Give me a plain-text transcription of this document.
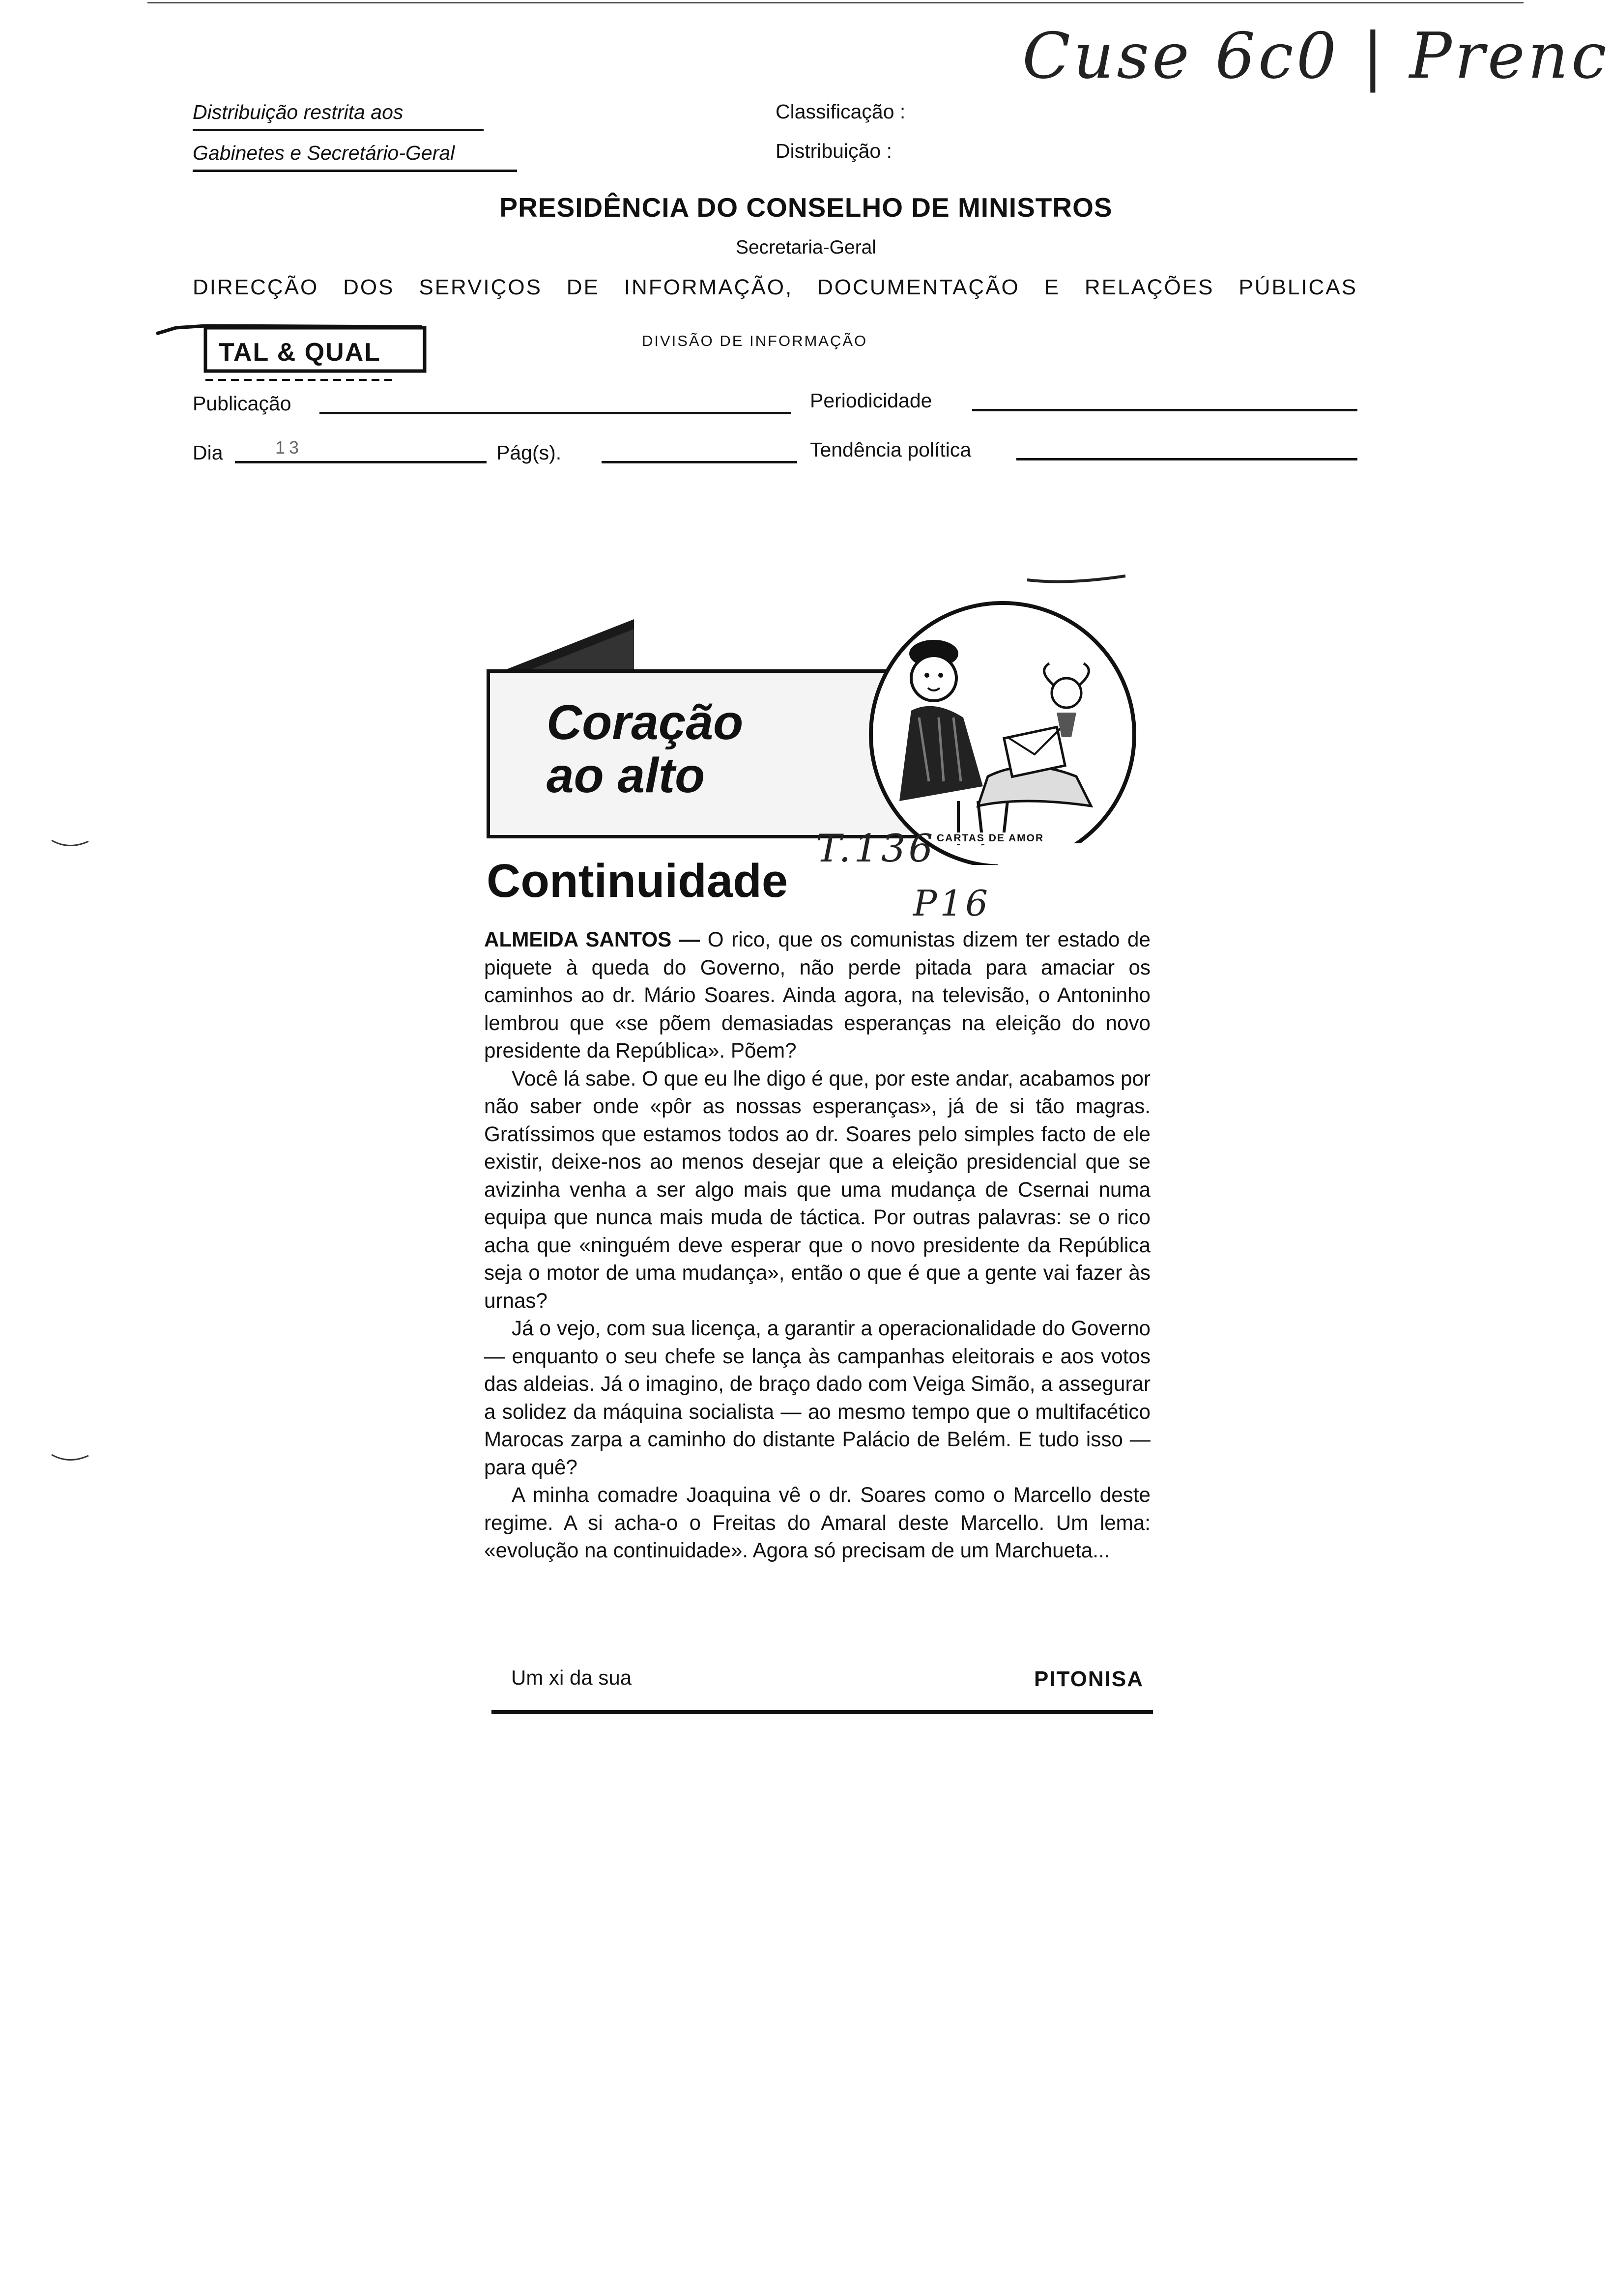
Cuse 6c0 | Prenc
Distribuição restrita aos
Gabinetes e Secretário-Geral
Classificação :
Distribuição :
PRESIDÊNCIA DO CONSELHO DE MINISTROS
Secretaria-Geral
DIRECÇÃO DOS SERVIÇOS DE INFORMAÇÃO, DOCUMENTAÇÃO E RELAÇÕES PÚBLICAS
DIVISÃO DE INFORMAÇÃO
TAL & QUAL
Publicação	Periodicidade
Dia	13	Pág(s).	Tendência política
Coração
ao alto
CARTAS DE AMOR
Continuidade
T.136
P16

ALMEIDA SANTOS — O rico, que os comunistas dizem ter estado de piquete à queda do Governo, não perde pitada para amaciar os caminhos ao dr. Mário Soares. Ainda agora, na televisão, o Antoninho lembrou que «se põem demasiadas esperanças na eleição do novo presidente da República». Põem?

Você lá sabe. O que eu lhe digo é que, por este andar, acabamos por não saber onde «pôr as nossas esperanças», já de si tão magras. Gratíssimos que estamos todos ao dr. Soares pelo simples facto de ele existir, deixe-nos ao menos desejar que a eleição presidencial que se avizinha venha a ser algo mais que uma mudança de Csernai numa equipa que nunca mais muda de táctica. Por outras palavras: se o rico acha que «ninguém deve esperar que o novo presidente da República seja o motor de uma mudança», então o que é que a gente vai fazer às urnas?

Já o vejo, com sua licença, a garantir a operacionalidade do Governo — enquanto o seu chefe se lança às campanhas eleitorais e aos votos das aldeias. Já o imagino, de braço dado com Veiga Simão, a assegurar a solidez da máquina socialista — ao mesmo tempo que o multifacético Marocas zarpa a caminho do distante Palácio de Belém. E tudo isso — para quê?

A minha comadre Joaquina vê o dr. Soares como o Marcello deste regime. A si acha-o o Freitas do Amaral deste Marcello. Um lema: «evolução na continuidade». Agora só precisam de um Marchueta...

Um xi da sua	PITONISA
